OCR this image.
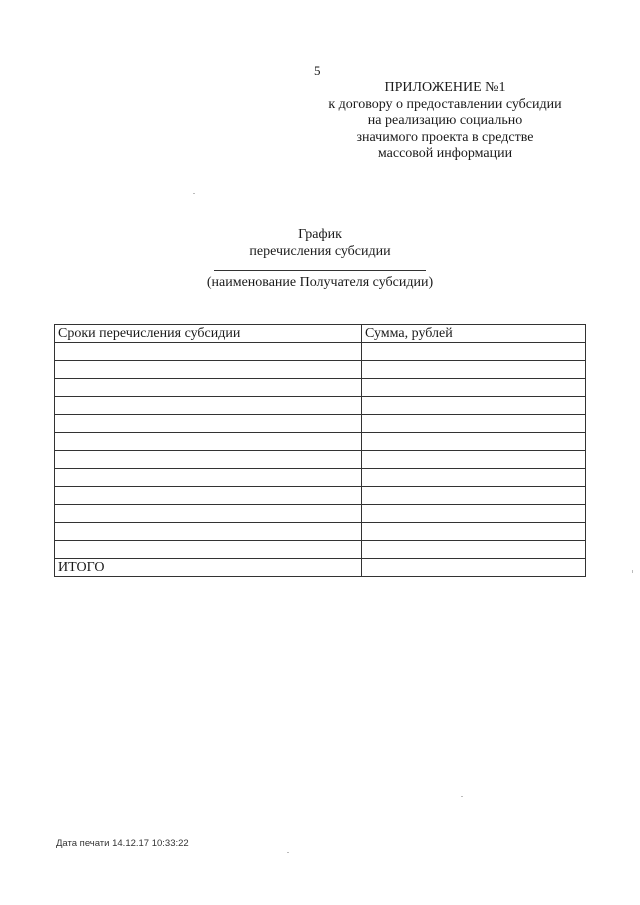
5
ПРИЛОЖЕНИЕ №1
к договору о предоставлении субсидии
на реализацию социально
значимого проекта в средстве
массовой информации
График
перечисления субсидии
(наименование Получателя субсидии)
Сроки перечисления субсидии	Сумма, рублей

ИТОГО	
Дата печати 14.12.17 10:33:22
